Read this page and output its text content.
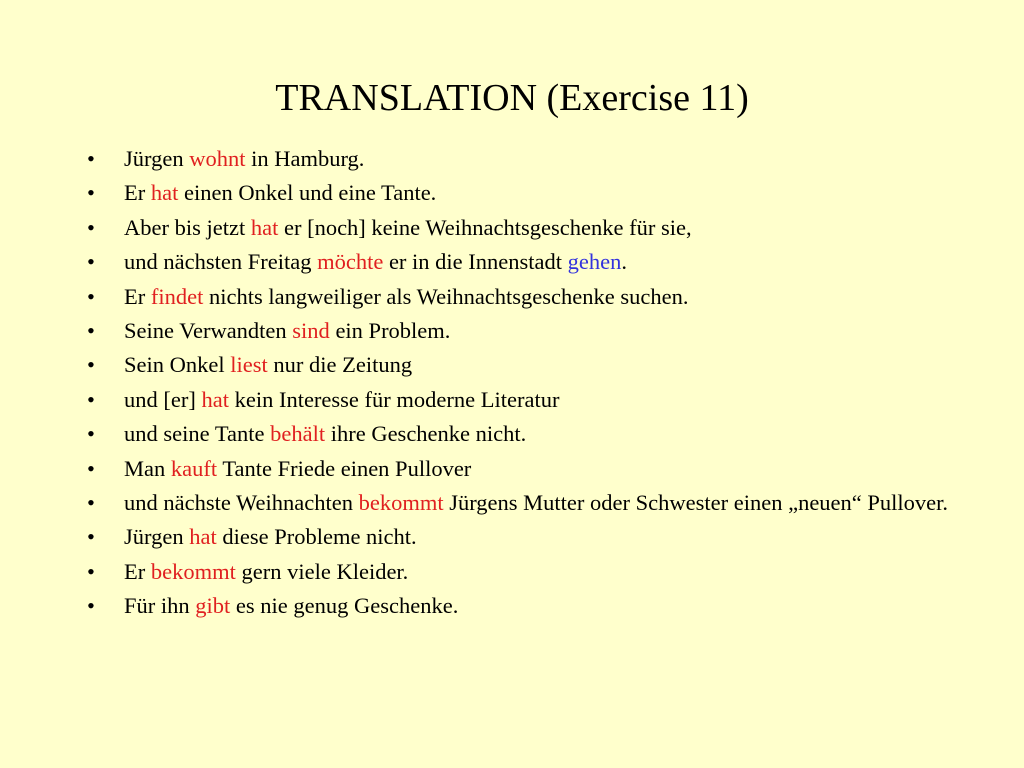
TRANSLATION (Exercise 11)
• Jürgen wohnt in Hamburg.
• Er hat einen Onkel und eine Tante.
• Aber bis jetzt hat er [noch] keine Weihnachtsgeschenke für sie,
• und nächsten Freitag möchte er in die Innenstadt gehen.
• Er findet nichts langweiliger als Weihnachtsgeschenke suchen.
• Seine Verwandten sind ein Problem.
• Sein Onkel liest nur die Zeitung
• und [er] hat kein Interesse für moderne Literatur
• und seine Tante behält ihre Geschenke nicht.
• Man kauft Tante Friede einen Pullover
• und nächste Weihnachten bekommt Jürgens Mutter oder Schwester einen „neuen“ Pullover.
• Jürgen hat diese Probleme nicht.
• Er bekommt gern viele Kleider.
• Für ihn gibt es nie genug Geschenke.
